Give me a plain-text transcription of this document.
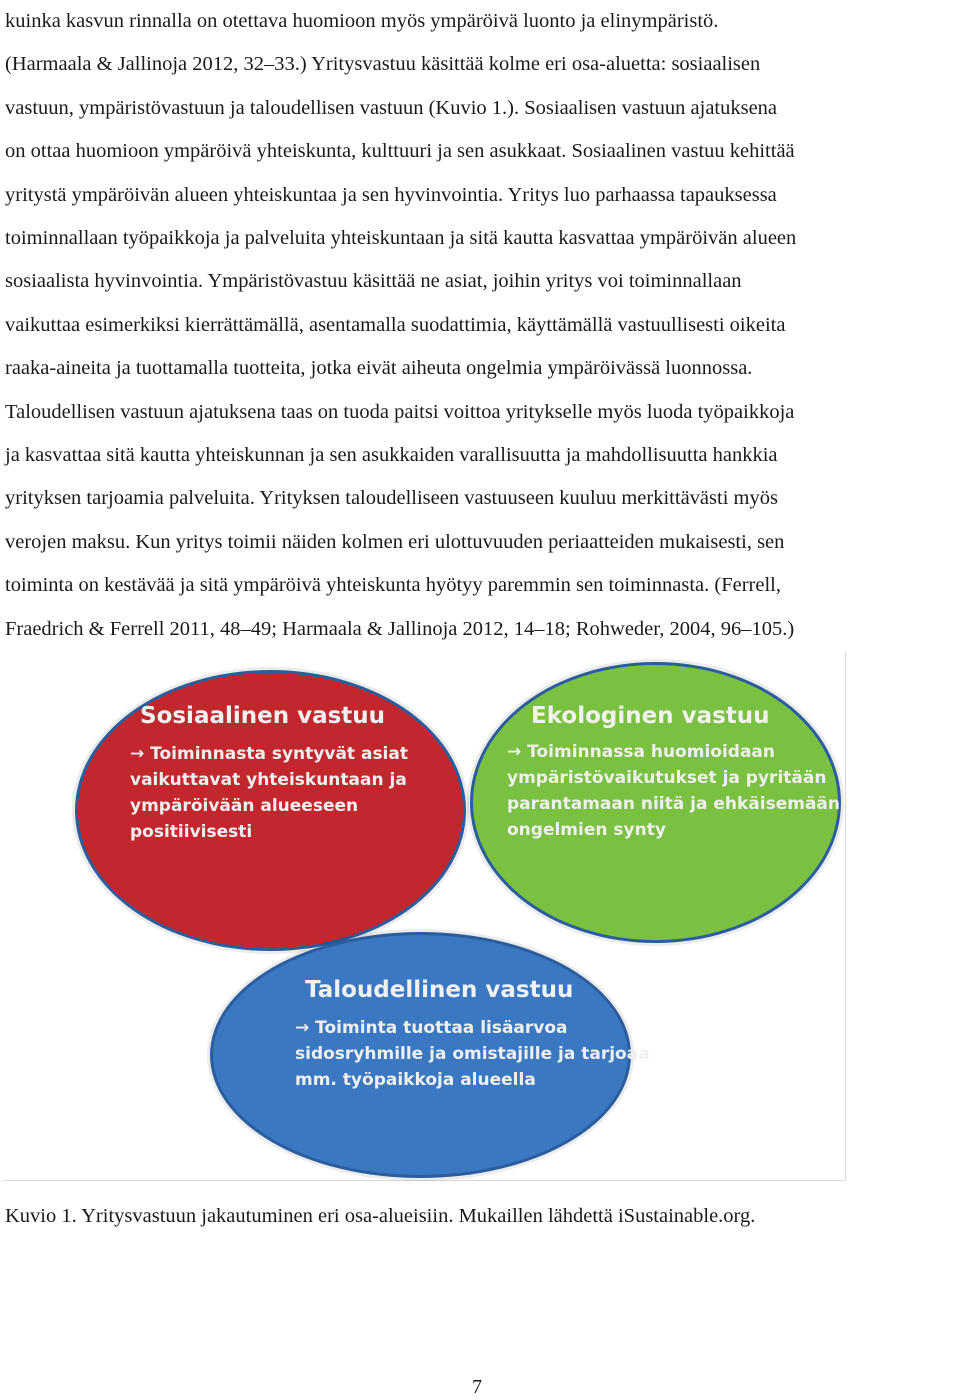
kuinka kasvun rinnalla on otettava huomioon myös ympäröivä luonto ja elinympäristö.
(Harmaala & Jallinoja 2012, 32–33.) Yritysvastuu käsittää kolme eri osa-aluetta: sosiaalisen
vastuun, ympäristövastuun ja taloudellisen vastuun (Kuvio 1.). Sosiaalisen vastuun ajatuksena
on ottaa huomioon ympäröivä yhteiskunta, kulttuuri ja sen asukkaat. Sosiaalinen vastuu kehittää
yritystä ympäröivän alueen yhteiskuntaa ja sen hyvinvointia. Yritys luo parhaassa tapauksessa
toiminnallaan työpaikkoja ja palveluita yhteiskuntaan ja sitä kautta kasvattaa ympäröivän alueen
sosiaalista hyvinvointia. Ympäristövastuu käsittää ne asiat, joihin yritys voi toiminnallaan
vaikuttaa esimerkiksi kierrättämällä, asentamalla suodattimia, käyttämällä vastuullisesti oikeita
raaka-aineita ja tuottamalla tuotteita, jotka eivät aiheuta ongelmia ympäröivässä luonnossa.
Taloudellisen vastuun ajatuksena taas on tuoda paitsi voittoa yritykselle myös luoda työpaikkoja
ja kasvattaa sitä kautta yhteiskunnan ja sen asukkaiden varallisuutta ja mahdollisuutta hankkia
yrityksen tarjoamia palveluita. Yrityksen taloudelliseen vastuuseen kuuluu merkittävästi myös
verojen maksu. Kun yritys toimii näiden kolmen eri ulottuvuuden periaatteiden mukaisesti, sen
toiminta on kestävää ja sitä ympäröivä yhteiskunta hyötyy paremmin sen toiminnasta. (Ferrell,
Fraedrich & Ferrell 2011, 48–49; Harmaala & Jallinoja 2012, 14–18; Rohweder, 2004, 96–105.)
Sosiaalinen vastuu
→ Toiminnasta syntyvät asiat
vaikuttavat yhteiskuntaan ja
ympäröivään alueeseen
positiivisesti
Ekologinen vastuu
→ Toiminnassa huomioidaan
ympäristövaikutukset ja pyritään
parantamaan niitä ja ehkäisemään
ongelmien synty
Taloudellinen vastuu
→ Toiminta tuottaa lisäarvoa
sidosryhmille ja omistajille ja tarjoaa
mm. työpaikkoja alueella
Kuvio 1. Yritysvastuun jakautuminen eri osa-alueisiin. Mukaillen lähdettä iSustainable.org.
7
